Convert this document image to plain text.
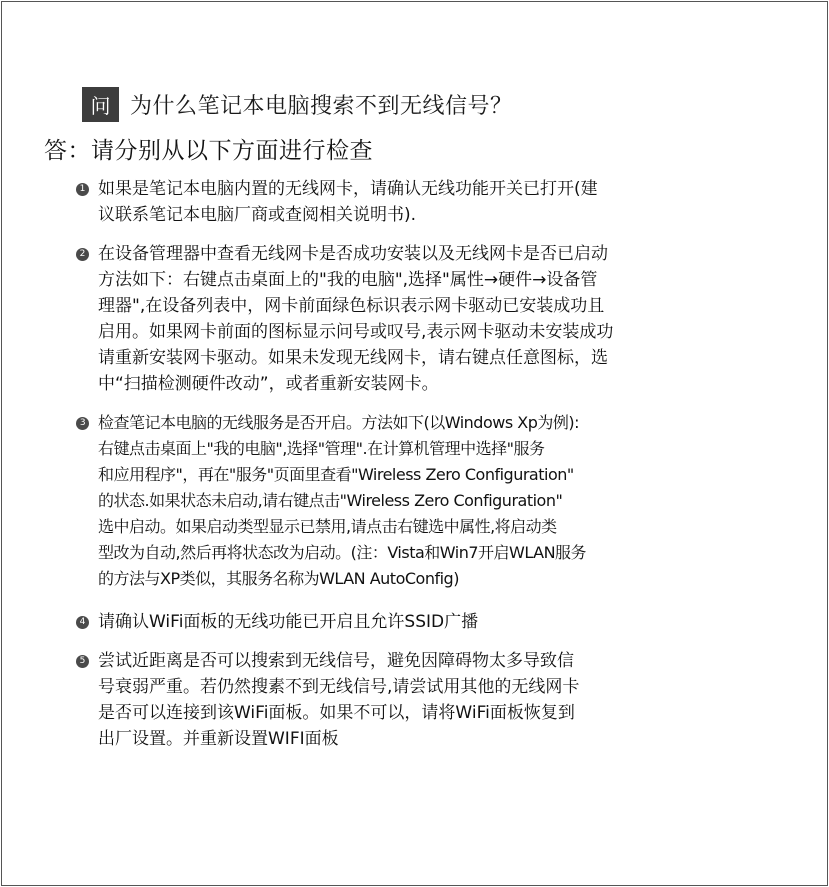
问 为什么笔记本电脑搜索不到无线信号？
答：请分别从以下方面进行检查
1 如果是笔记本电脑内置的无线网卡，请确认无线功能开关已打开(建
议联系笔记本电脑厂商或查阅相关说明书).
2 在设备管理器中查看无线网卡是否成功安装以及无线网卡是否已启动
方法如下：右键点击桌面上的"我的电脑",选择"属性→硬件→设备管
理器",在设备列表中，网卡前面绿色标识表示网卡驱动已安装成功且
启用。如果网卡前面的图标显示问号或叹号,表示网卡驱动未安装成功
请重新安装网卡驱动。如果未发现无线网卡，请右键点任意图标，选
中“扫描检测硬件改动”，或者重新安装网卡。
3 检查笔记本电脑的无线服务是否开启。方法如下(以Windows Xp为例):
右键点击桌面上"我的电脑",选择"管理".在计算机管理中选择"服务
和应用程序"，再在"服务"页面里查看"Wireless Zero Configuration"
的状态.如果状态未启动,请右键点击"Wireless Zero Configuration"
选中启动。如果启动类型显示已禁用,请点击右键选中属性,将启动类
型改为自动,然后再将状态改为启动。(注：Vista和Win7开启WLAN服务
的方法与XP类似，其服务名称为WLAN AutoConfig)
4 请确认WiFi面板的无线功能已开启且允许SSID广播
5 尝试近距离是否可以搜索到无线信号，避免因障碍物太多导致信
号衰弱严重。若仍然搜素不到无线信号,请尝试用其他的无线网卡
是否可以连接到该WiFi面板。如果不可以，请将WiFi面板恢复到
出厂设置。并重新设置WIFI面板
